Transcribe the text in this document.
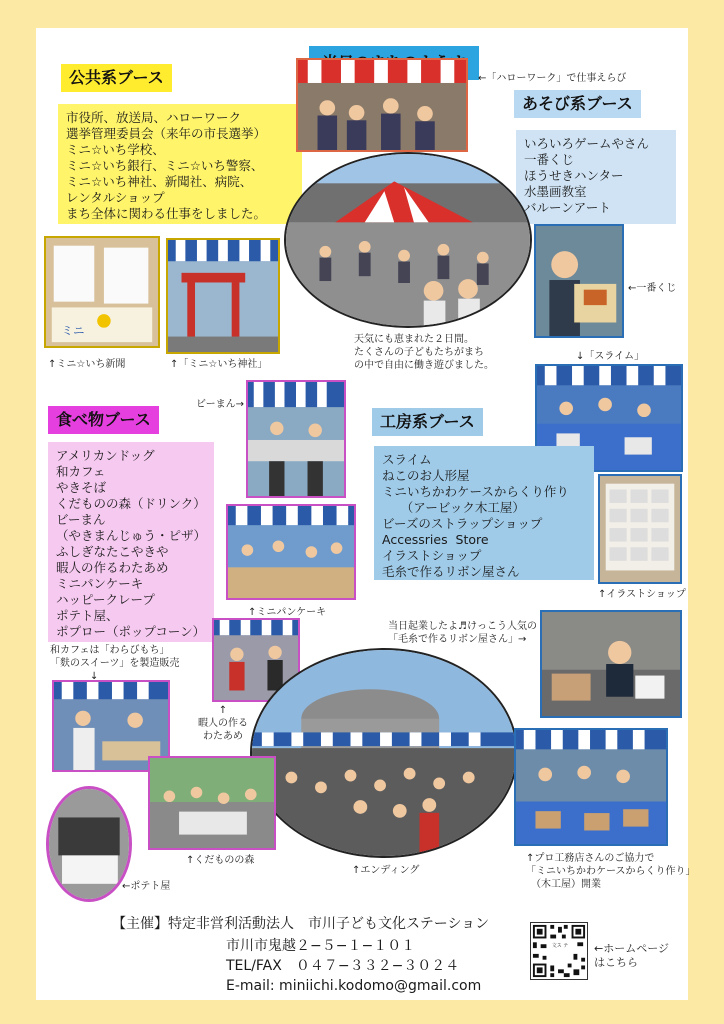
公共系ブース
市役所、放送局、ハローワーク
選挙管理委員会（来年の市長選挙）
ミニ☆いち学校、
ミニ☆いち銀行、ミニ☆いち警察、
ミニ☆いち神社、新聞社、病院、
レンタルショップ
まち全体に関わる仕事をしました。
←「ハローワーク」で仕事えらび
あそび系ブース
いろいろゲームやさん
一番くじ
ほうせきハンター
水墨画教室
バルーンアート
天気にも恵まれた２日間。
たくさんの子どもたちがまち
の中で自由に働き遊びました。
ミニ
↑ミニ☆いち新聞	↑「ミニ☆いち神社」
←一番くじ
↓「スライム」
食べ物ブース
アメリカンドッグ
和カフェ
やきそば
くだものの森（ドリンク）
ビーまん
（やきまんじゅう・ピザ）
ふしぎなたこやきや
暇人の作るわたあめ
ミニパンケーキ
ハッピークレープ
ポテト屋、
ポプロー（ポップコーン）
ビーまん→
工房系ブース
スライム
ねこのお人形屋
ミニいちかわケースからくり作り
　　（アービック木工屋）
ビーズのストラップショップ
Accessries  Store
イラストショップ
毛糸で作るリボン屋さん
↑イラストショップ
↑ミニパンケーキ
当日起業したよ♬けっこう人気の
「毛糸で作るリボン屋さん」→
和カフェは「わらびもち」
「麩のスイーツ」を製造販売
　　　　↓
↑
暇人の作る
わたあめ
↑くだものの森
←ポテト屋
↑エンディング
↑プロ工務店さんのご協力で
「ミニいちかわケースからくり作り」
　（木工屋）開業
【主催】特定非営利活動法人　市川子ども文化ステーション
市川市鬼越２−５−１−１０１
TEL/FAX　０４７−３３２−３０２４
E-mail: miniichi.kodomo@gmail.com
文ス テ ←ホームページ
はこちら
